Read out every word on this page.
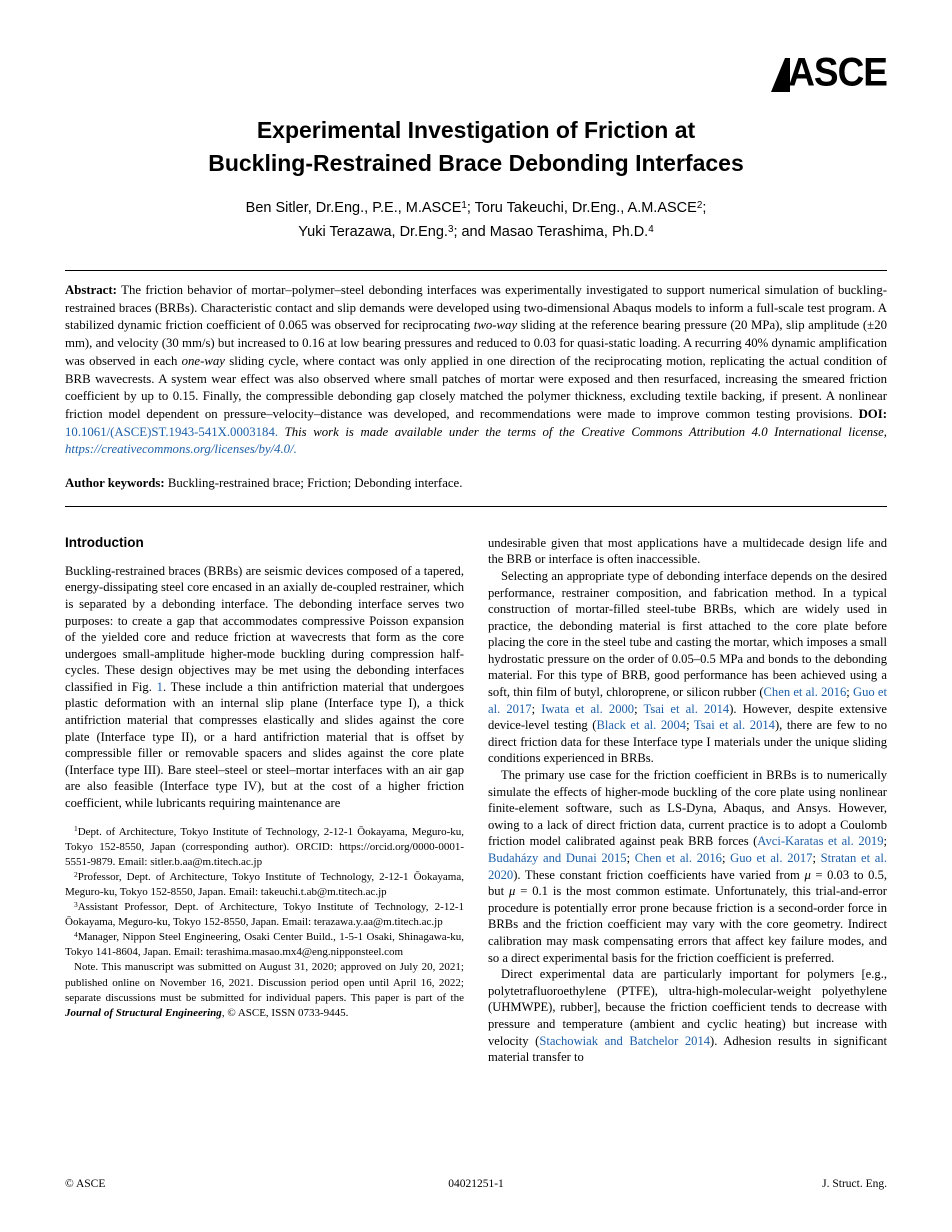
ASCE
Experimental Investigation of Friction at
Buckling-Restrained Brace Debonding Interfaces
Ben Sitler, Dr.Eng., P.E., M.ASCE$^1$; Toru Takeuchi, Dr.Eng., A.M.ASCE$^2$;
Yuki Terazawa, Dr.Eng.$^3$; and Masao Terashima, Ph.D.$^4$

Abstract: The friction behavior of mortar–polymer–steel debonding interfaces was experimentally investigated to support numerical simulation of buckling-restrained braces (BRBs). Characteristic contact and slip demands were developed using two-dimensional Abaqus models to inform a full-scale test program. A stabilized dynamic friction coefficient of 0.065 was observed for reciprocating two-way sliding at the reference bearing pressure (20 MPa), slip amplitude (±20 mm), and velocity (30 mm/s) but increased to 0.16 at low bearing pressures and reduced to 0.03 for quasi-static loading. A recurring 40% dynamic amplification was observed in each one-way sliding cycle, where contact was only applied in one direction of the reciprocating motion, replicating the actual condition of BRB wavecrests. A system wear effect was also observed where small patches of mortar were exposed and then resurfaced, increasing the smeared friction coefficient by up to 0.15. Finally, the compressible debonding gap closely matched the polymer thickness, excluding textile backing, if present. A nonlinear friction model dependent on pressure–velocity–distance was developed, and recommendations were made to improve common testing provisions. DOI: 10.1061/(ASCE)ST.1943-541X.0003184. This work is made available under the terms of the Creative Commons Attribution 4.0 International license, https://creativecommons.org/licenses/by/4.0/.

Author keywords: Buckling-restrained brace; Friction; Debonding interface.

Introduction

Buckling-restrained braces (BRBs) are seismic devices composed of a tapered, energy-dissipating steel core encased in an axially de-coupled restrainer, which is separated by a debonding interface. The debonding interface serves two purposes: to create a gap that accommodates compressive Poisson expansion of the yielded core and reduce friction at wavecrests that form as the core undergoes small-amplitude higher-mode buckling during compression half-cycles. These design objectives may be met using the debonding interfaces classified in Fig. 1. These include a thin antifriction material that undergoes plastic deformation with an internal slip plane (Interface type I), a thick antifriction material that compresses elastically and slides against the core plate (Interface type II), or a hard antifriction material that is offset by compressible filler or removable spacers and slides against the core plate (Interface type III). Bare steel–steel or steel–mortar interfaces with an air gap are also feasible (Interface type IV), but at the cost of a higher friction coefficient, while lubricants requiring maintenance are

$^1$Dept. of Architecture, Tokyo Institute of Technology, 2-12-1 Ōokayama, Meguro-ku, Tokyo 152-8550, Japan (corresponding author). ORCID: https://orcid.org/0000-0001-5551-9879. Email: sitler.b.aa@m.titech.ac.jp

$^2$Professor, Dept. of Architecture, Tokyo Institute of Technology, 2-12-1 Ōokayama, Meguro-ku, Tokyo 152-8550, Japan. Email: takeuchi.t.ab@m.titech.ac.jp

$^3$Assistant Professor, Dept. of Architecture, Tokyo Institute of Technology, 2-12-1 Ōokayama, Meguro-ku, Tokyo 152-8550, Japan. Email: terazawa.y.aa@m.titech.ac.jp

$^4$Manager, Nippon Steel Engineering, Osaki Center Build., 1-5-1 Osaki, Shinagawa-ku, Tokyo 141-8604, Japan. Email: terashima.masao.mx4@eng.nipponsteel.com

Note. This manuscript was submitted on August 31, 2020; approved on July 20, 2021; published online on November 16, 2021. Discussion period open until April 16, 2022; separate discussions must be submitted for individual papers. This paper is part of the Journal of Structural Engineering, © ASCE, ISSN 0733-9445.

undesirable given that most applications have a multidecade design life and the BRB or interface is often inaccessible.

Selecting an appropriate type of debonding interface depends on the desired performance, restrainer composition, and fabrication method. In a typical construction of mortar-filled steel-tube BRBs, which are widely used in practice, the debonding material is first attached to the core plate before placing the core in the steel tube and casting the mortar, which imposes a small hydrostatic pressure on the order of 0.05–0.5 MPa and bonds to the debonding material. For this type of BRB, good performance has been achieved using a soft, thin film of butyl, chloroprene, or silicon rubber (Chen et al. 2016; Guo et al. 2017; Iwata et al. 2000; Tsai et al. 2014). However, despite extensive device-level testing (Black et al. 2004; Tsai et al. 2014), there are few to no direct friction data for these Interface type I materials under the unique sliding conditions experienced in BRBs.

The primary use case for the friction coefficient in BRBs is to numerically simulate the effects of higher-mode buckling of the core plate using nonlinear finite-element software, such as LS-Dyna, Abaqus, and Ansys. However, owing to a lack of direct friction data, current practice is to adopt a Coulomb friction model calibrated against peak BRB forces (Avci-Karatas et al. 2019; Budaházy and Dunai 2015; Chen et al. 2016; Guo et al. 2017; Stratan et al. 2020). These constant friction coefficients have varied from μ = 0.03 to 0.5, but μ = 0.1 is the most common estimate. Unfortunately, this trial-and-error procedure is potentially error prone because friction is a second-order force in BRBs and the friction coefficient may vary with the core geometry. Indirect calibration may mask compensating errors that affect key failure modes, and so a direct experimental basis for the friction coefficient is preferred.

Direct experimental data are particularly important for polymers [e.g., polytetrafluoroethylene (PTFE), ultra-high-molecular-weight polyethylene (UHMWPE), rubber], because the friction coefficient tends to decrease with pressure and temperature (ambient and cyclic heating) but increase with velocity (Stachowiak and Batchelor 2014). Adhesion results in significant material transfer to

© ASCE	04021251-1	J. Struct. Eng.
